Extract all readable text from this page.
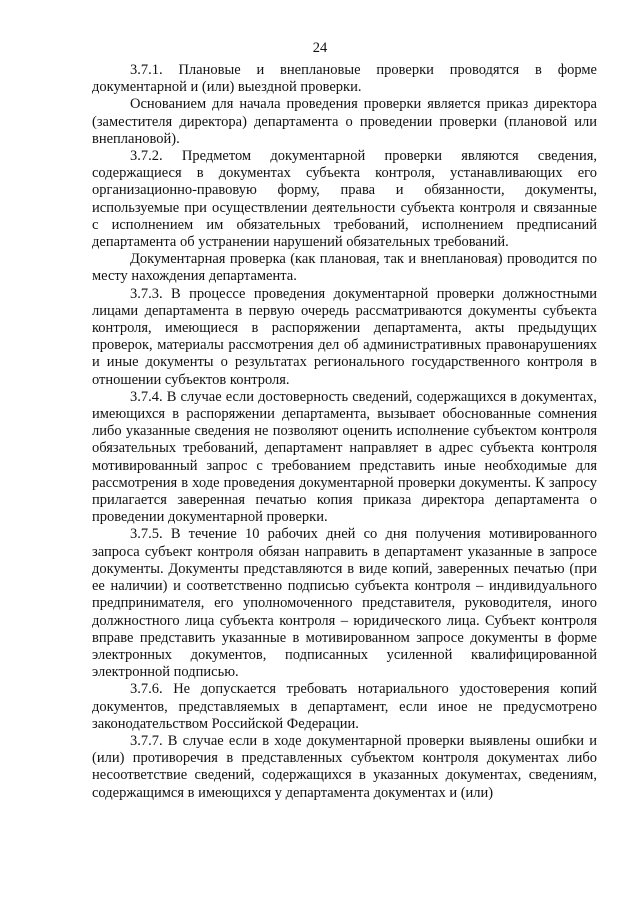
24

3.7.1. Плановые и внеплановые проверки проводятся в форме документарной и (или) выездной проверки.

Основанием для начала проведения проверки является приказ директора (заместителя директора) департамента о проведении проверки (плановой или внеплановой).

3.7.2. Предметом документарной проверки являются сведения, содержащиеся в документах субъекта контроля, устанавливающих его организационно-правовую форму, права и обязанности, документы, используемые при осуществлении деятельности субъекта контроля и связанные с исполнением им обязательных требований, исполнением предписаний департамента об устранении нарушений обязательных требований.

Документарная проверка (как плановая, так и внеплановая) проводится по месту нахождения департамента.

3.7.3. В процессе проведения документарной проверки должностными лицами департамента в первую очередь рассматриваются документы субъекта контроля, имеющиеся в распоряжении департамента, акты предыдущих проверок, материалы рассмотрения дел об административных правонарушениях и иные документы о результатах регионального государственного контроля в отношении субъектов контроля.

3.7.4. В случае если достоверность сведений, содержащихся в документах, имеющихся в распоряжении департамента, вызывает обоснованные сомнения либо указанные сведения не позволяют оценить исполнение субъектом контроля обязательных требований, департамент направляет в адрес субъекта контроля мотивированный запрос с требованием представить иные необходимые для рассмотрения в ходе проведения документарной проверки документы. К запросу прилагается заверенная печатью копия приказа директора департамента о проведении документарной проверки.

3.7.5. В течение 10 рабочих дней со дня получения мотивированного запроса субъект контроля обязан направить в департамент указанные в запросе документы. Документы представляются в виде копий, заверенных печатью (при ее наличии) и соответственно подписью субъекта контроля – индивидуального предпринимателя, его уполномоченного представителя, руководителя, иного должностного лица субъекта контроля – юридического лица. Субъект контроля вправе представить указанные в мотивированном запросе документы в форме электронных документов, подписанных усиленной квалифицированной электронной подписью.

3.7.6. Не допускается требовать нотариального удостоверения копий документов, представляемых в департамент, если иное не предусмотрено законодательством Российской Федерации.

3.7.7. В случае если в ходе документарной проверки выявлены ошибки и (или) противоречия в представленных субъектом контроля документах либо несоответствие сведений, содержащихся в указанных документах, сведениям, содержащимся в имеющихся у департамента документах и (или)
